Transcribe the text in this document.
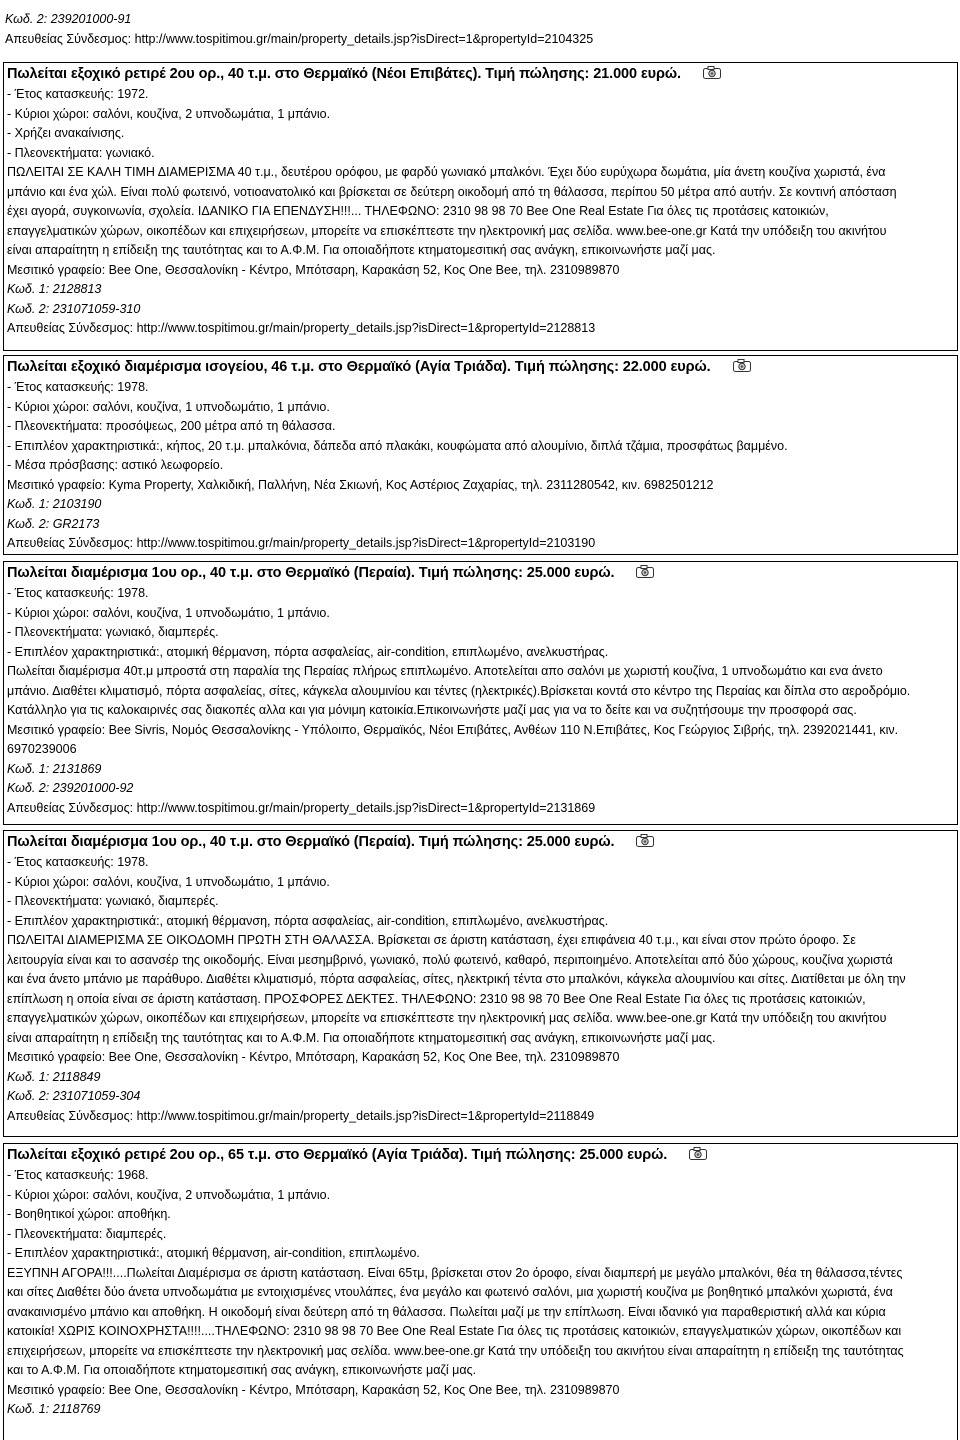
Κωδ. 2: 239201000-91
Απευθείας Σύνδεσμος: http://www.tospitimou.gr/main/property_details.jsp?isDirect=1&propertyId=2104325
Πωλείται εξοχικό ρετιρέ 2ου ορ., 40 τ.μ. στο Θερμαϊκό (Νέοι Επιβάτες). Τιμή πώλησης: 21.000 ευρώ.
- Έτος κατασκευής: 1972.
- Κύριοι χώροι: σαλόνι, κουζίνα, 2 υπνοδωμάτια, 1 μπάνιο.
- Χρήζει ανακαίνισης.
- Πλεονεκτήματα: γωνιακό.
ΠΩΛΕΙΤΑΙ ΣΕ ΚΑΛΗ ΤΙΜΗ ΔΙΑΜΕΡΙΣΜΑ 40 τ.μ., δευτέρου ορόφου, με φαρδύ γωνιακό μπαλκόνι. Έχει δύο ευρύχωρα δωμάτια, μία άνετη κουζίνα χωριστά, ένα
μπάνιο και ένα χώλ. Είναι πολύ φωτεινό, νοτιοανατολικό και βρίσκεται σε δεύτερη οικοδομή από τη θάλασσα, περίπου 50 μέτρα από αυτήν. Σε κοντινή απόσταση
έχει αγορά, συγκοινωνία, σχολεία. ΙΔΑΝΙΚΟ ΓΙΑ ΕΠΕΝΔΥΣΗ!!!... ΤΗΛΕΦΩΝΟ: 2310 98 98 70 Bee One Real Estate Για όλες τις προτάσεις κατοικιών,
επαγγελματικών χώρων, οικοπέδων και επιχειρήσεων, μπορείτε να επισκέπτεστε την ηλεκτρονική μας σελίδα. www.bee-one.gr Κατά την υπόδειξη του ακινήτου
είναι απαραίτητη η επίδειξη της ταυτότητας και το Α.Φ.Μ. Για οποιαδήποτε κτηματομεσιτική σας ανάγκη, επικοινωνήστε μαζί μας.
Μεσιτικό γραφείο: Bee One, Θεσσαλονίκη - Κέντρο, Μπότσαρη, Καρακάση 52, Κος One Bee, τηλ. 2310989870
Κωδ. 1: 2128813
Κωδ. 2: 231071059-310
Απευθείας Σύνδεσμος: http://www.tospitimou.gr/main/property_details.jsp?isDirect=1&propertyId=2128813
Πωλείται εξοχικό διαμέρισμα ισογείου, 46 τ.μ. στο Θερμαϊκό (Αγία Τριάδα). Τιμή πώλησης: 22.000 ευρώ.
- Έτος κατασκευής: 1978.
- Κύριοι χώροι: σαλόνι, κουζίνα, 1 υπνοδωμάτιο, 1 μπάνιο.
- Πλεονεκτήματα: προσόψεως, 200 μέτρα από τη θάλασσα.
- Επιπλέον χαρακτηριστικά:, κήπος, 20 τ.μ. μπαλκόνια, δάπεδα από πλακάκι, κουφώματα από αλουμίνιο, διπλά τζάμια, προσφάτως βαμμένο.
- Μέσα πρόσβασης: αστικό λεωφορείο.
Μεσιτικό γραφείο: Kyma Property, Χαλκιδική, Παλλήνη, Νέα Σκιωνή, Κος Αστέριος Ζαχαρίας, τηλ. 2311280542, κιν. 6982501212
Κωδ. 1: 2103190
Κωδ. 2: GR2173
Απευθείας Σύνδεσμος: http://www.tospitimou.gr/main/property_details.jsp?isDirect=1&propertyId=2103190
Πωλείται διαμέρισμα 1ου ορ., 40 τ.μ. στο Θερμαϊκό (Περαία). Τιμή πώλησης: 25.000 ευρώ.
- Έτος κατασκευής: 1978.
- Κύριοι χώροι: σαλόνι, κουζίνα, 1 υπνοδωμάτιο, 1 μπάνιο.
- Πλεονεκτήματα: γωνιακό, διαμπερές.
- Επιπλέον χαρακτηριστικά:, ατομική θέρμανση, πόρτα ασφαλείας, air-condition, επιπλωμένο, ανελκυστήρας.
Πωλείται διαμέρισμα 40τ.μ μπροστά στη παραλία της Περαίας πλήρως επιπλωμένο. Αποτελείται απο σαλόνι με χωριστή κουζίνα, 1 υπνοδωμάτιο και ενα άνετο
μπάνιο. Διαθέτει κλιματισμό, πόρτα ασφαλείας, σίτες, κάγκελα αλουμινίου και τέντες (ηλεκτρικές).Βρίσκεται κοντά στο κέντρο της Περαίας και δίπλα στο αεροδρόμιο.
Κατάλληλο για τις καλοκαιρινές σας διακοπές αλλα και για μόνιμη κατοικία.Επικοινωνήστε μαζί μας για να το δείτε και να συζητήσουμε την προσφορά σας.
Μεσιτικό γραφείο: Bee Sivris, Νομός Θεσσαλονίκης - Υπόλοιπο, Θερμαϊκός, Νέοι Επιβάτες, Ανθέων 110 Ν.Επιβάτες, Κος Γεώργιος Σιβρής, τηλ. 2392021441, κιν.
6970239006
Κωδ. 1: 2131869
Κωδ. 2: 239201000-92
Απευθείας Σύνδεσμος: http://www.tospitimou.gr/main/property_details.jsp?isDirect=1&propertyId=2131869
Πωλείται διαμέρισμα 1ου ορ., 40 τ.μ. στο Θερμαϊκό (Περαία). Τιμή πώλησης: 25.000 ευρώ.
- Έτος κατασκευής: 1978.
- Κύριοι χώροι: σαλόνι, κουζίνα, 1 υπνοδωμάτιο, 1 μπάνιο.
- Πλεονεκτήματα: γωνιακό, διαμπερές.
- Επιπλέον χαρακτηριστικά:, ατομική θέρμανση, πόρτα ασφαλείας, air-condition, επιπλωμένο, ανελκυστήρας.
ΠΩΛΕΙΤΑΙ ΔΙΑΜΕΡΙΣΜΑ ΣΕ ΟΙΚΟΔΟΜΗ ΠΡΩΤΗ ΣΤΗ ΘΑΛΑΣΣΑ. Βρίσκεται σε άριστη κατάσταση, έχει επιφάνεια 40 τ.μ., και είναι στον πρώτο όροφο. Σε
λειτουργία είναι και το ασανσέρ της οικοδομής. Είναι μεσημβρινό, γωνιακό, πολύ φωτεινό, καθαρό, περιποιημένο. Αποτελείται από δύο χώρους, κουζίνα χωριστά
και ένα άνετο μπάνιο με παράθυρο. Διαθέτει κλιματισμό, πόρτα ασφαλείας, σίτες, ηλεκτρική τέντα στο μπαλκόνι, κάγκελα αλουμινίου και σίτες. Διατίθεται με όλη την
επίπλωση η οποία είναι σε άριστη κατάσταση. ΠΡΟΣΦΟΡΕΣ ΔΕΚΤΕΣ. ΤΗΛΕΦΩΝΟ: 2310 98 98 70 Bee One Real Estate Για όλες τις προτάσεις κατοικιών,
επαγγελματικών χώρων, οικοπέδων και επιχειρήσεων, μπορείτε να επισκέπτεστε την ηλεκτρονική μας σελίδα. www.bee-one.gr Κατά την υπόδειξη του ακινήτου
είναι απαραίτητη η επίδειξη της ταυτότητας και το Α.Φ.Μ. Για οποιαδήποτε κτηματομεσιτική σας ανάγκη, επικοινωνήστε μαζί μας.
Μεσιτικό γραφείο: Bee One, Θεσσαλονίκη - Κέντρο, Μπότσαρη, Καρακάση 52, Κος One Bee, τηλ. 2310989870
Κωδ. 1: 2118849
Κωδ. 2: 231071059-304
Απευθείας Σύνδεσμος: http://www.tospitimou.gr/main/property_details.jsp?isDirect=1&propertyId=2118849
Πωλείται εξοχικό ρετιρέ 2ου ορ., 65 τ.μ. στο Θερμαϊκό (Αγία Τριάδα). Τιμή πώλησης: 25.000 ευρώ.
- Έτος κατασκευής: 1968.
- Κύριοι χώροι: σαλόνι, κουζίνα, 2 υπνοδωμάτια, 1 μπάνιο.
- Βοηθητικοί χώροι: αποθήκη.
- Πλεονεκτήματα: διαμπερές.
- Επιπλέον χαρακτηριστικά:, ατομική θέρμανση, air-condition, επιπλωμένο.
ΕΞΥΠΝΗ ΑΓΟΡΑ!!!....Πωλείται Διαμέρισμα σε άριστη κατάσταση. Είναι 65τμ, βρίσκεται στον 2ο όροφο, είναι διαμπερή με μεγάλο μπαλκόνι, θέα τη θάλασσα,τέντες
και σίτες Διαθέτει δύο άνετα υπνοδωμάτια με εντοιχισμένες ντουλάπες, ένα μεγάλο και φωτεινό σαλόνι, μια χωριστή κουζίνα με βοηθητικό μπαλκόνι χωριστά, ένα
ανακαινισμένο μπάνιο και αποθήκη. Η οικοδομή είναι δεύτερη από τη θάλασσα. Πωλείται μαζί με την επίπλωση. Είναι ιδανικό για παραθεριστική αλλά και κύρια
κατοικία! ΧΩΡΙΣ ΚΟΙΝΟΧΡΗΣΤΑ!!!!....ΤΗΛΕΦΩΝΟ: 2310 98 98 70 Bee One Real Estate Για όλες τις προτάσεις κατοικιών, επαγγελματικών χώρων, οικοπέδων και
επιχειρήσεων, μπορείτε να επισκέπτεστε την ηλεκτρονική μας σελίδα. www.bee-one.gr Κατά την υπόδειξη του ακινήτου είναι απαραίτητη η επίδειξη της ταυτότητας
και το Α.Φ.Μ. Για οποιαδήποτε κτηματομεσιτική σας ανάγκη, επικοινωνήστε μαζί μας.
Μεσιτικό γραφείο: Bee One, Θεσσαλονίκη - Κέντρο, Μπότσαρη, Καρακάση 52, Κος One Bee, τηλ. 2310989870
Κωδ. 1: 2118769
